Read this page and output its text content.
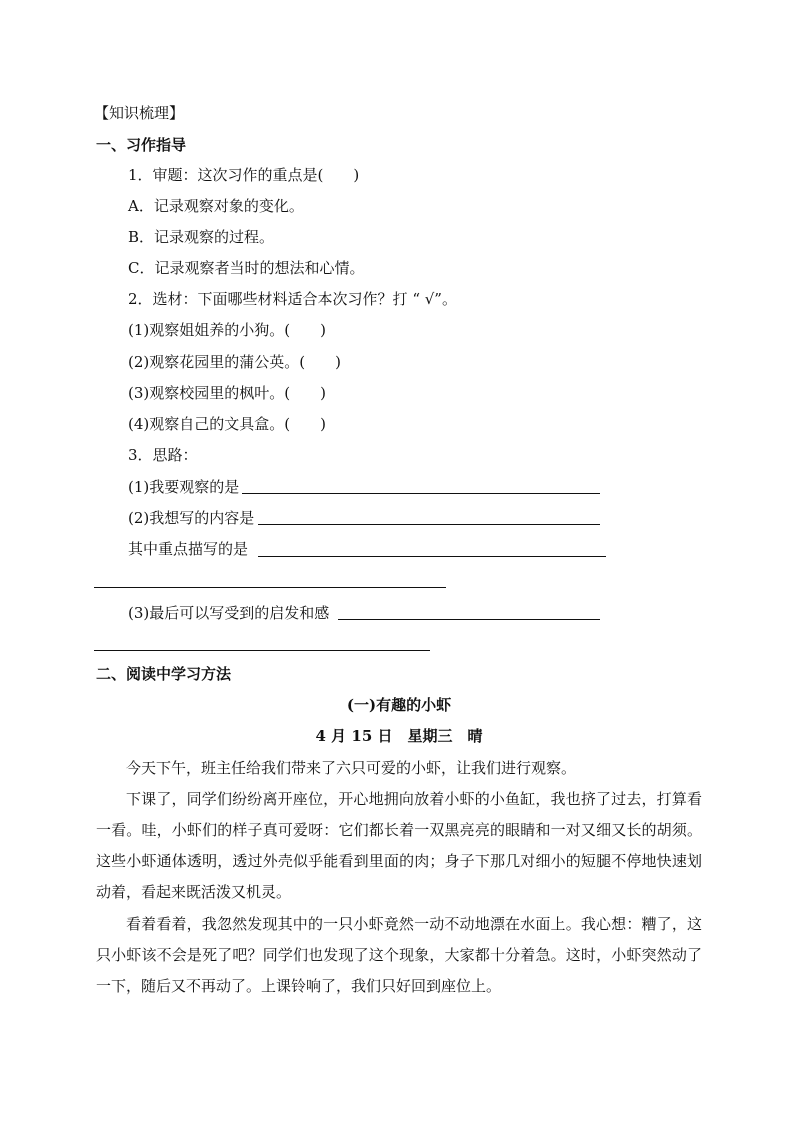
【知识梳理】
一、习作指导
1．审题：这次习作的重点是(　　)
A．记录观察对象的变化。
B．记录观察的过程。
C．记录观察者当时的想法和心情。
2．选材：下面哪些材料适合本次习作？打 “ √”。
(1)观察姐姐养的小狗。(　　)
(2)观察花园里的蒲公英。(　　)
(3)观察校园里的枫叶。(　　)
(4)观察自己的文具盒。(　　)
3．思路：
(1)我要观察的是
(2)我想写的内容是
其中重点描写的是
(3)最后可以写受到的启发和感
二、阅读中学习方法
(一)有趣的小虾
4 月 15 日　星期三　晴
今天下午，班主任给我们带来了六只可爱的小虾，让我们进行观察。
下课了，同学们纷纷离开座位，开心地拥向放着小虾的小鱼缸，我也挤了过去，打算看一看。哇，小虾们的样子真可爱呀：它们都长着一双黑亮亮的眼睛和一对又细又长的胡须。这些小虾通体透明，透过外壳似乎能看到里面的肉；身子下那几对细小的短腿不停地快速划动着，看起来既活泼又机灵。
看着看着，我忽然发现其中的一只小虾竟然一动不动地漂在水面上。我心想：糟了，这只小虾该不会是死了吧？同学们也发现了这个现象，大家都十分着急。这时，小虾突然动了一下，随后又不再动了。上课铃响了，我们只好回到座位上。
